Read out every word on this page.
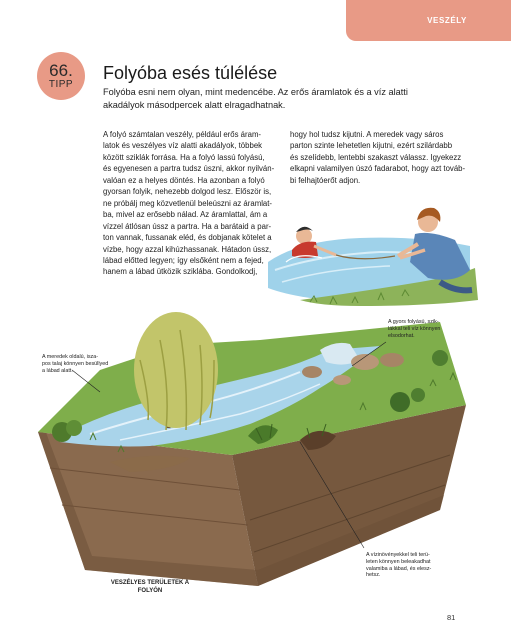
VESZÉLY
66.
TIPP
Folyóba esés túlélése
Folyóba esni nem olyan, mint medencébe. Az erős áramlatok és a víz alatti
akadályok másodpercek alatt elragadhatnak.
A folyó számtalan veszély, például erős áram-
latok és veszélyes víz alatti akadályok, többek
között sziklák forrása. Ha a folyó lassú folyású,
és egyenesen a partra tudsz úszni, akkor nyilván-
valóan ez a helyes döntés. Ha azonban a folyó
gyorsan folyik, nehezebb dolgod lesz. Először is,
ne próbálj meg közvetlenül beleúszni az áramlat-
ba, mivel az erősebb nálad. Az áramlattal, ám a
vízzel átlósan ússz a partra. Ha a barátaid a par-
ton vannak, fussanak eléd, és dobjanak kötelet a
vízbe, hogy azzal kihúzhassanak. Hátadon ússz,
lábad előtted legyen; így elsőként nem a fejed,
hanem a lábad ütközik sziklába. Gondolkodj,
hogy hol tudsz kijutni. A meredek vagy sáros
parton szinte lehetetlen kijutni, ezért szilárdabb
és szelídebb, lentebbi szakaszt válassz. Igyekezz
elkapni valamilyen úszó fadarabot, hogy azt továb-
bi felhajtóerőt adjon.
A meredek oldalú, isza-
pos talaj könnyen besüllyed
a lábad alatt.
A gyors folyású, szik-
lákkal teli víz könnyen
elsodorhat.
A vízinövényekkel teli terü-
leten könnyen beleakadhat
valamiba a lábad, és elesz-
hetsz.
VESZÉLYES TERÜLETEK A
FOLYÓN
81
